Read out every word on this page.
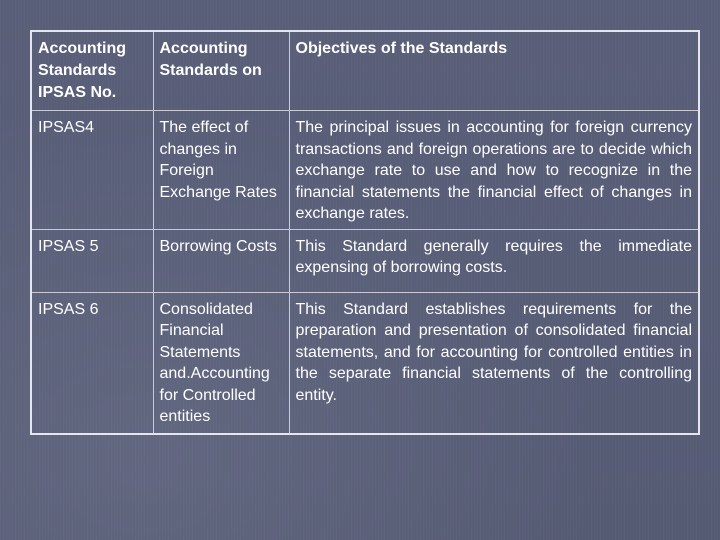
Accounting Standards IPSAS No.	Accounting Standards on	Objectives of the Standards
IPSAS4	The effect of changes in Foreign Exchange Rates	The principal issues in accounting for foreign currency transactions and foreign operations are to decide which exchange rate to use and how to recognize in the financial statements the financial effect of changes in exchange rates.
IPSAS 5	Borrowing Costs	This Standard generally requires the immediate expensing of borrowing costs.
IPSAS 6	Consolidated Financial Statements and.Accounting for Controlled entities	This Standard establishes requirements for the preparation and presentation of consolidated financial statements, and for accounting for controlled entities in the separate financial statements of the controlling entity.
